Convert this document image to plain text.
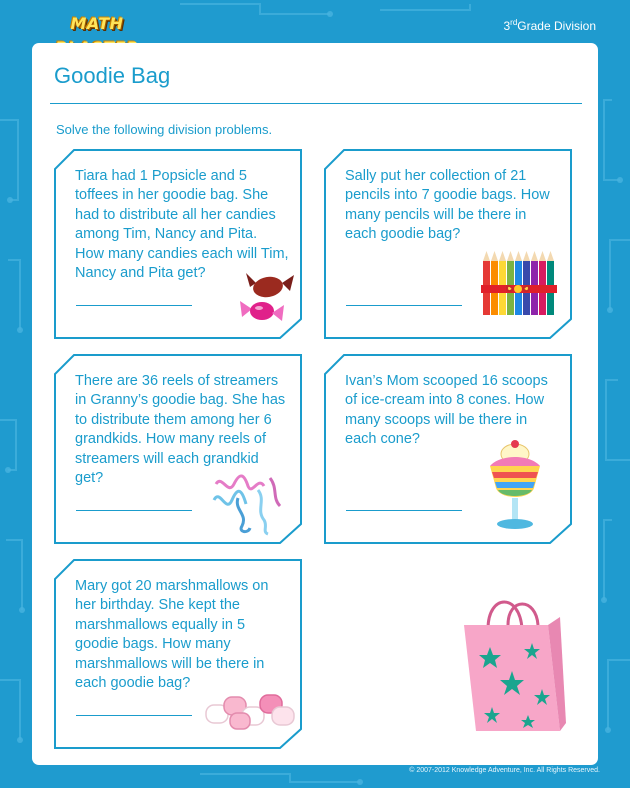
MATH	3rdGrade Division
Goodie Bag
Solve the following division problems.

Tiara had 1 Popsicle and 5 toffees in her goodie bag. She had to distribute all her candies among Tim, Nancy and Pita. How many candies each will Tim, Nancy and Pita get?

Sally put her collection of 21 pencils into 7 goodie bags. How many pencils will be there in each goodie bag?

There are 36 reels of streamers in Granny’s goodie bag. She has to distribute them among her 6 grandkids. How many reels of streamers will each grandkid get?

Ivan’s Mom scooped 16 scoops of ice-cream into 8 cones. How many scoops will be there in each cone?

Mary got 20 marshmallows on her birthday. She kept the marshmallows equally in 5 goodie bags. How many marshmallows will be there in each goodie bag?

© 2007-2012 Knowledge Adventure, Inc. All Rights Reserved.
